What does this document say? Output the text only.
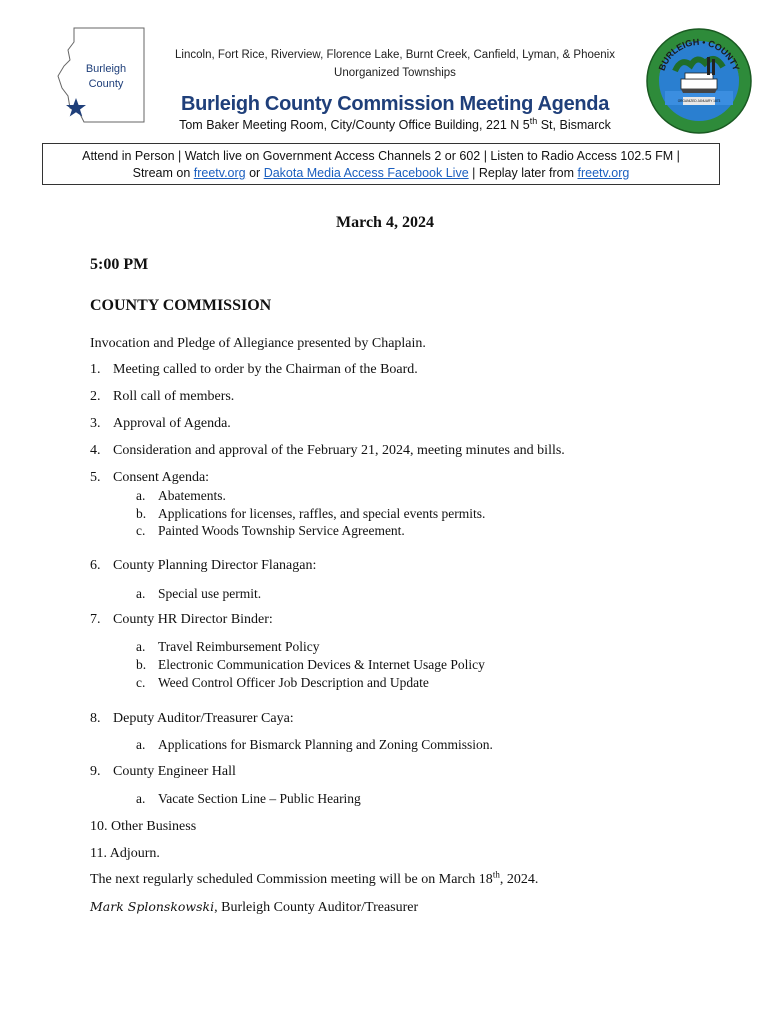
Burleigh
County
Lincoln, Fort Rice, Riverview, Florence Lake, Burnt Creek, Canfield, Lyman, & Phoenix
Unorganized Townships
Burleigh County Commission Meeting Agenda
Tom Baker Meeting Room, City/County Office Building, 221 N 5th St, Bismarck
BURLEIGH • COUNTY
ORGANIZED JANUARY 1873
Attend in Person | Watch live on Government Access Channels 2 or 602 | Listen to Radio Access 102.5 FM |
Stream on freetv.org or Dakota Media Access Facebook Live | Replay later from freetv.org
March 4, 2024
5:00 PM
COUNTY COMMISSION
Invocation and Pledge of Allegiance presented by Chaplain.
1. Meeting called to order by the Chairman of the Board.
2. Roll call of members.
3. Approval of Agenda.
4. Consideration and approval of the February 21, 2024, meeting minutes and bills.
5. Consent Agenda:
a. Abatements.
b. Applications for licenses, raffles, and special events permits.
c. Painted Woods Township Service Agreement.
6. County Planning Director Flanagan:
a. Special use permit.
7. County HR Director Binder:
a. Travel Reimbursement Policy
b. Electronic Communication Devices & Internet Usage Policy
c. Weed Control Officer Job Description and Update
8. Deputy Auditor/Treasurer Caya:
a. Applications for Bismarck Planning and Zoning Commission.
9. County Engineer Hall
a. Vacate Section Line – Public Hearing
10. Other Business
11. Adjourn.
The next regularly scheduled Commission meeting will be on March 18th, 2024.
Mark Splonskowski, Burleigh County Auditor/Treasurer
